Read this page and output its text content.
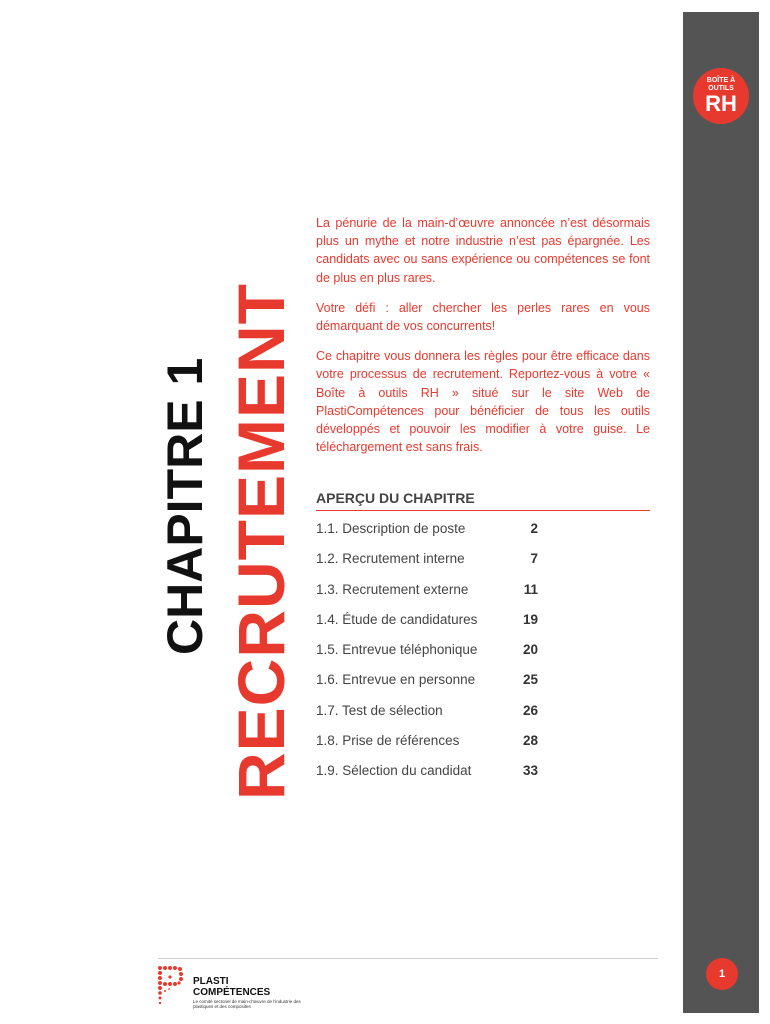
BOÎTE À
OUTILS
RH
CHAPITRE 1 RECRUTEMENT

La pénurie de la main-d’œuvre annoncée n’est désormais plus un mythe et notre industrie n’est pas épargnée. Les candidats avec ou sans expérience ou compétences se font de plus en plus rares.

Votre défi : aller chercher les perles rares en vous démarquant de vos concurrents!

Ce chapitre vous donnera les règles pour être efficace dans votre processus de recrutement. Reportez-vous à votre « Boîte à outils RH » situé sur le site Web de PlastiCompétences pour bénéficier de tous les outils développés et pouvoir les modifier à votre guise. Le téléchargement est sans frais.

APERÇU DU CHAPITRE
1.1. Description de poste	2
1.2. Recrutement interne	7
1.3. Recrutement externe	11
1.4. Étude de candidatures	19
1.5. Entrevue téléphonique	20
1.6. Entrevue en personne	25
1.7. Test de sélection	26
1.8. Prise de références	28
1.9. Sélection du candidat	33
PLASTI
COMPÉTENCES
Le comité sectoriel de main-d’œuvre de l’industrie des plastiques et des composites
1
